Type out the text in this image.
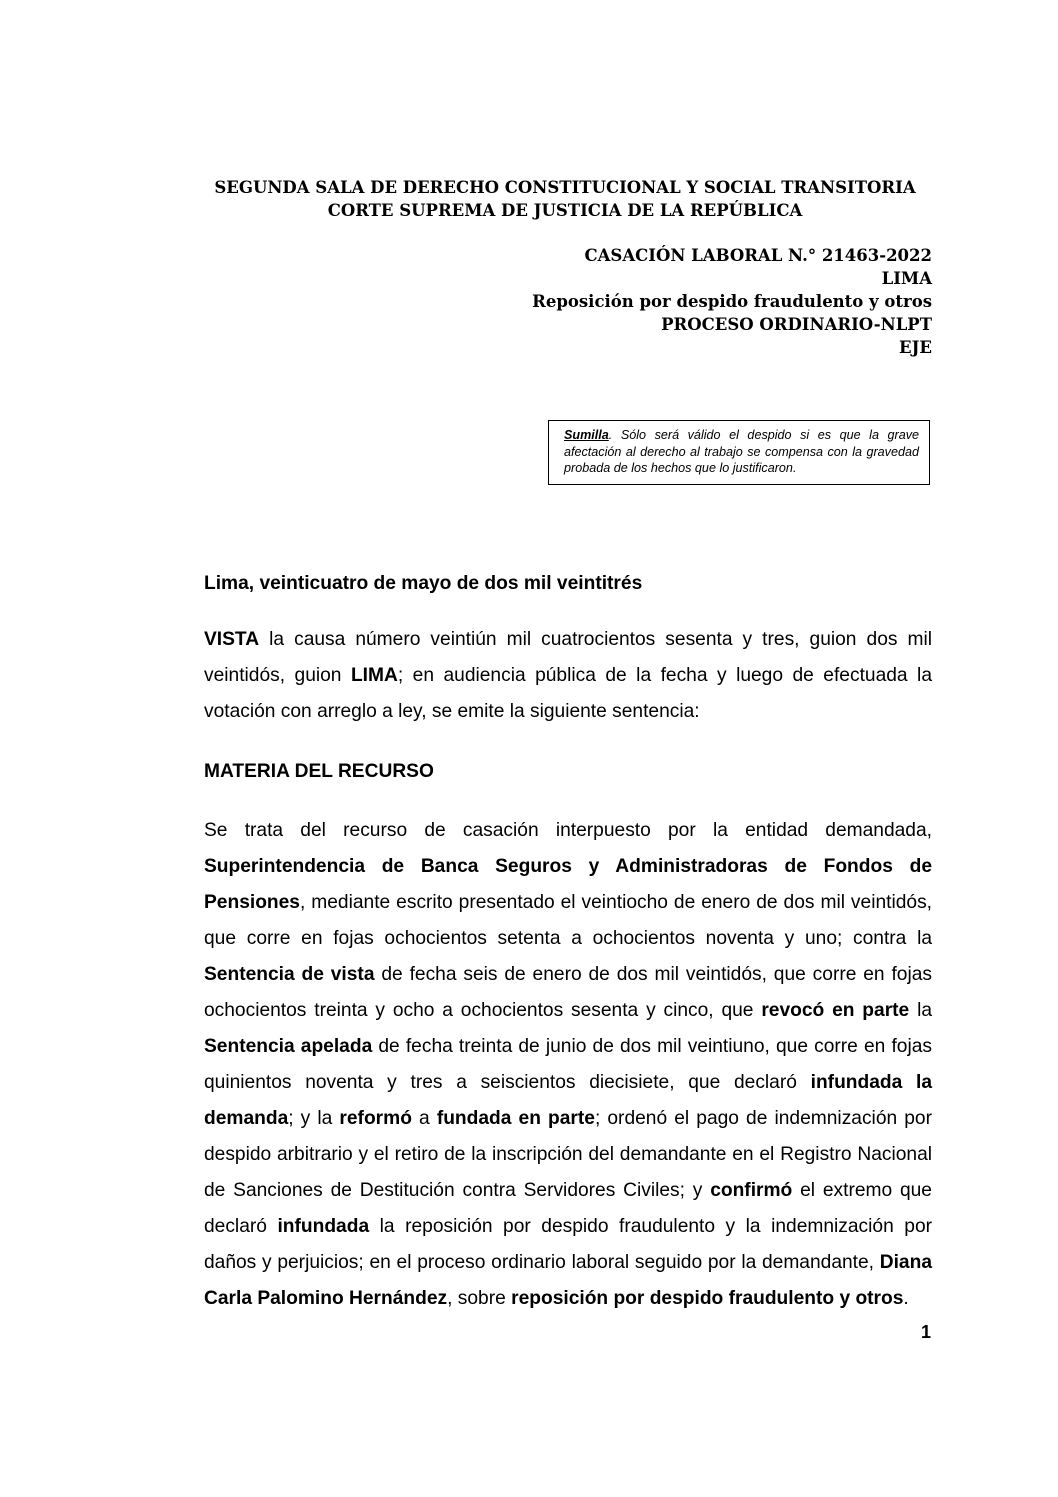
SEGUNDA SALA DE DERECHO CONSTITUCIONAL Y SOCIAL TRANSITORIA
CORTE SUPREMA DE JUSTICIA DE LA REPÚBLICA
CASACIÓN LABORAL N.° 21463-2022
LIMA
Reposición por despido fraudulento y otros
PROCESO ORDINARIO-NLPT
EJE
Sumilla. Sólo será válido el despido si es que la grave afectación al derecho al trabajo se compensa con la gravedad probada de los hechos que lo justificaron.
Lima, veinticuatro de mayo de dos mil veintitrés
VISTA la causa número veintiún mil cuatrocientos sesenta y tres, guion dos mil veintidós, guion LIMA; en audiencia pública de la fecha y luego de efectuada la votación con arreglo a ley, se emite la siguiente sentencia:
MATERIA DEL RECURSO
Se trata del recurso de casación interpuesto por la entidad demandada, Superintendencia de Banca Seguros y Administradoras de Fondos de Pensiones, mediante escrito presentado el veintiocho de enero de dos mil veintidós, que corre en fojas ochocientos setenta a ochocientos noventa y uno; contra la Sentencia de vista de fecha seis de enero de dos mil veintidós, que corre en fojas ochocientos treinta y ocho a ochocientos sesenta y cinco, que revocó en parte la Sentencia apelada de fecha treinta de junio de dos mil veintiuno, que corre en fojas quinientos noventa y tres a seiscientos diecisiete, que declaró infundada la demanda; y la reformó a fundada en parte; ordenó el pago de indemnización por despido arbitrario y el retiro de la inscripción del demandante en el Registro Nacional de Sanciones de Destitución contra Servidores Civiles; y confirmó el extremo que declaró infundada la reposición por despido fraudulento y la indemnización por daños y perjuicios; en el proceso ordinario laboral seguido por la demandante, Diana Carla Palomino Hernández, sobre reposición por despido fraudulento y otros.
1
